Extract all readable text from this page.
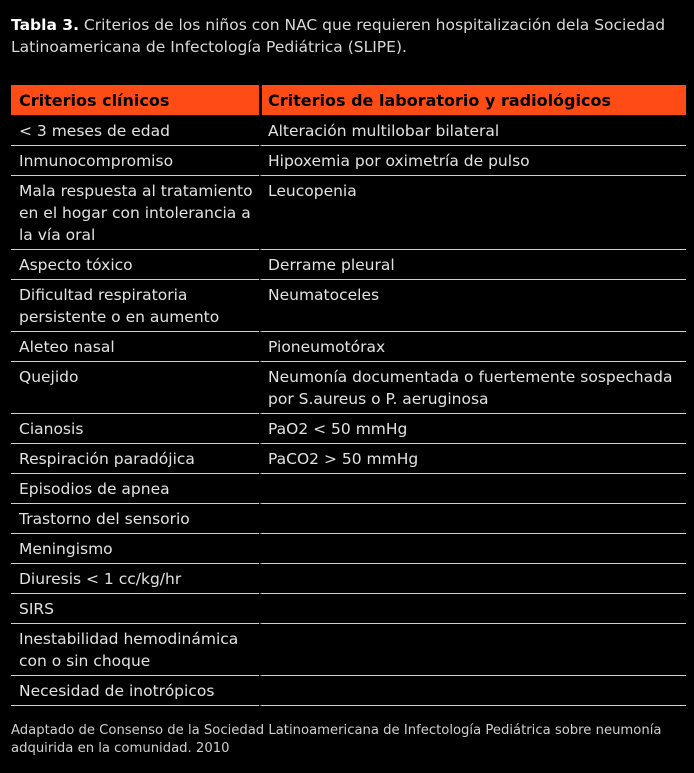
Tabla 3. Criterios de los niños con NAC que requieren hospitalización dela Sociedad Latinoamericana de Infectología Pediátrica (SLIPE).
Criterios clínicos	Criterios de laboratorio y radiológicos
< 3 meses de edad	Alteración multilobar bilateral
Inmunocompromiso	Hipoxemia por oximetría de pulso
Mala respuesta al tratamiento en el hogar con intolerancia a la vía oral	Leucopenia
Aspecto tóxico	Derrame pleural
Dificultad respiratoria persistente o en aumento	Neumatoceles
Aleteo nasal	Pioneumotórax
Quejido	Neumonía documentada o fuertemente sospechada por S.aureus o P. aeruginosa
Cianosis	PaO2 < 50 mmHg
Respiración paradójica	PaCO2 > 50 mmHg
Episodios de apnea	
Trastorno del sensorio	
Meningismo	
Diuresis < 1 cc/kg/hr	
SIRS	
Inestabilidad hemodinámica con o sin choque	
Necesidad de inotrópicos	
Adaptado de Consenso de la Sociedad Latinoamericana de Infectología Pediátrica sobre neumonía adquirida en la comunidad. 2010
